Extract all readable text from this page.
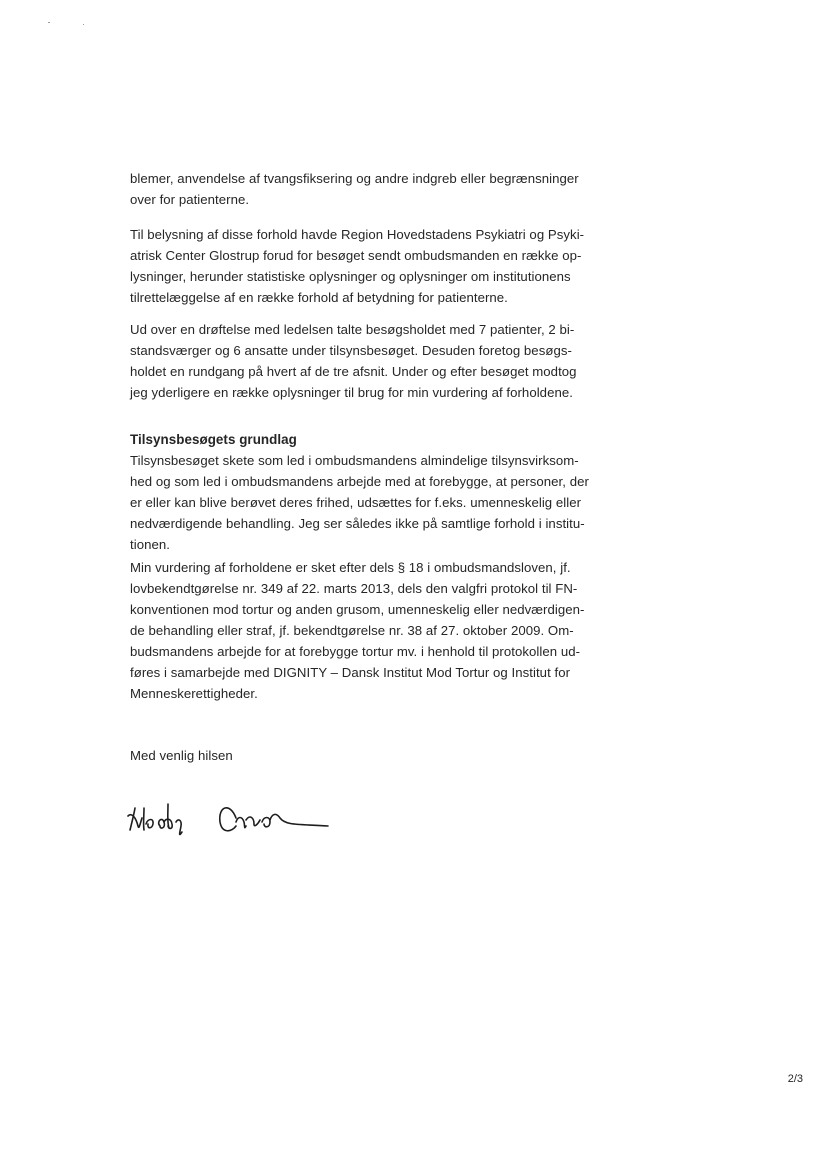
blemer, anvendelse af tvangsfiksering og andre indgreb eller begrænsninger
over for patienterne.
Til belysning af disse forhold havde Region Hovedstadens Psykiatri og Psyki-
atrisk Center Glostrup forud for besøget sendt ombudsmanden en række op-
lysninger, herunder statistiske oplysninger og oplysninger om institutionens
tilrettelæggelse af en række forhold af betydning for patienterne.
Ud over en drøftelse med ledelsen talte besøgsholdet med 7 patienter, 2 bi-
standsværger og 6 ansatte under tilsynsbesøget. Desuden foretog besøgs-
holdet en rundgang på hvert af de tre afsnit. Under og efter besøget modtog
jeg yderligere en række oplysninger til brug for min vurdering af forholdene.
Tilsynsbesøgets grundlag
Tilsynsbesøget skete som led i ombudsmandens almindelige tilsynsvirksom-
hed og som led i ombudsmandens arbejde med at forebygge, at personer, der
er eller kan blive berøvet deres frihed, udsættes for f.eks. umenneskelig eller
nedværdigende behandling. Jeg ser således ikke på samtlige forhold i institu-
tionen.
Min vurdering af forholdene er sket efter dels § 18 i ombudsmandsloven, jf.
lovbekendtgørelse nr. 349 af 22. marts 2013, dels den valgfri protokol til FN-
konventionen mod tortur og anden grusom, umenneskelig eller nedværdigen-
de behandling eller straf, jf. bekendtgørelse nr. 38 af 27. oktober 2009. Om-
budsmandens arbejde for at forebygge tortur mv. i henhold til protokollen ud-
føres i samarbejde med DIGNITY – Dansk Institut Mod Tortur og Institut for
Menneskerettigheder.
Med venlig hilsen
2/3
